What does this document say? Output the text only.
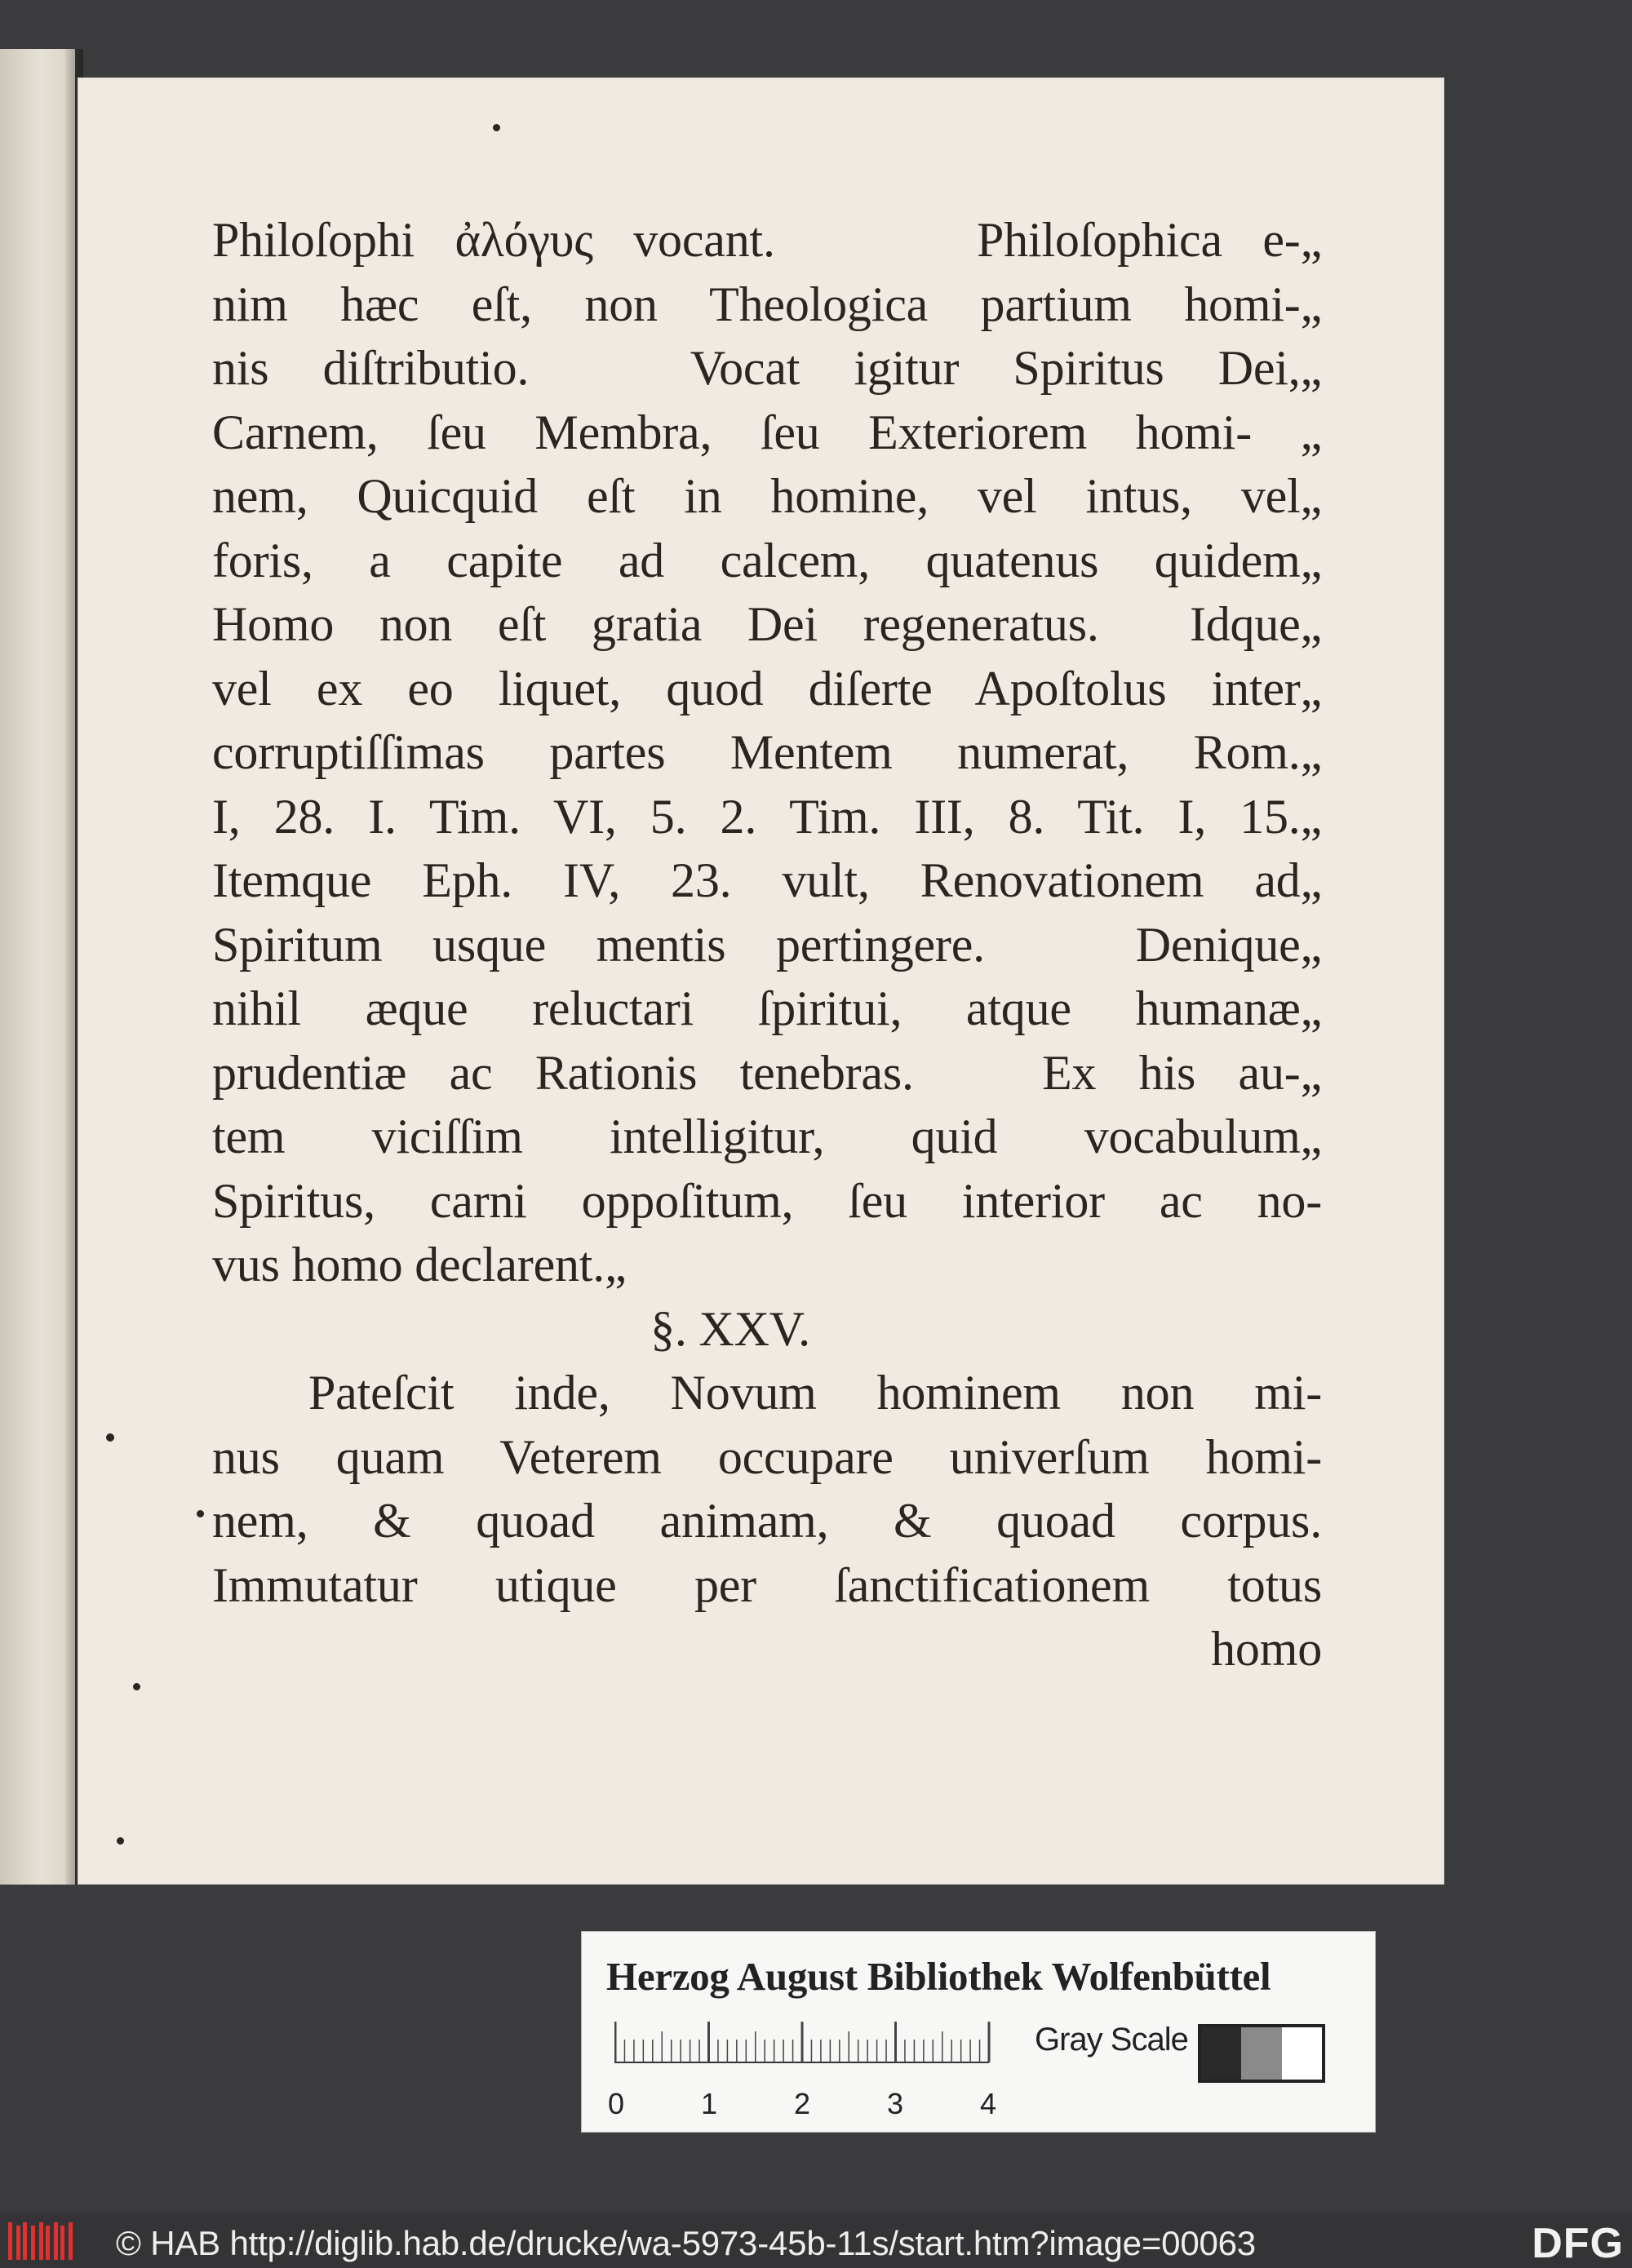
Philoſophi ἀλόγυς vocant.     Philoſophica e-„
nim hæc eſt, non Theologica partium homi-„
nis diſtributio.   Vocat igitur Spiritus Dei,„
Carnem, ſeu Membra, ſeu Exteriorem homi- „
nem, Quicquid eſt in homine, vel intus, vel„
foris, a capite ad calcem, quatenus quidem„
Homo non eſt gratia Dei regeneratus.  Idque„
vel ex eo liquet, quod diſerte Apoſtolus inter„
corruptiſſimas partes Mentem numerat, Rom.„
I, 28. I. Tim. VI, 5. 2. Tim. III, 8. Tit. I, 15.„
Itemque Eph. IV, 23. vult, Renovationem ad„
Spiritum usque mentis pertingere.   Denique„
nihil æque reluctari ſpiritui, atque humanæ„
prudentiæ ac Rationis tenebras.   Ex his au-„
tem viciſſim intelligitur, quid vocabulum„
Spiritus, carni oppoſitum, ſeu interior ac no-
vus homo declarent.„
§. XXV.
Pateſcit inde, Novum hominem non mi-
nus quam Veterem occupare univerſum homi-
nem, & quoad animam, & quoad corpus.
Immutatur utique per ſanctificationem totus
homo
Herzog August Bibliothek Wolfenbüttel
0	1	2	3	4
Gray Scale
© HAB http://diglib.hab.de/drucke/wa-5973-45b-11s/start.htm?image=00063	DFG
